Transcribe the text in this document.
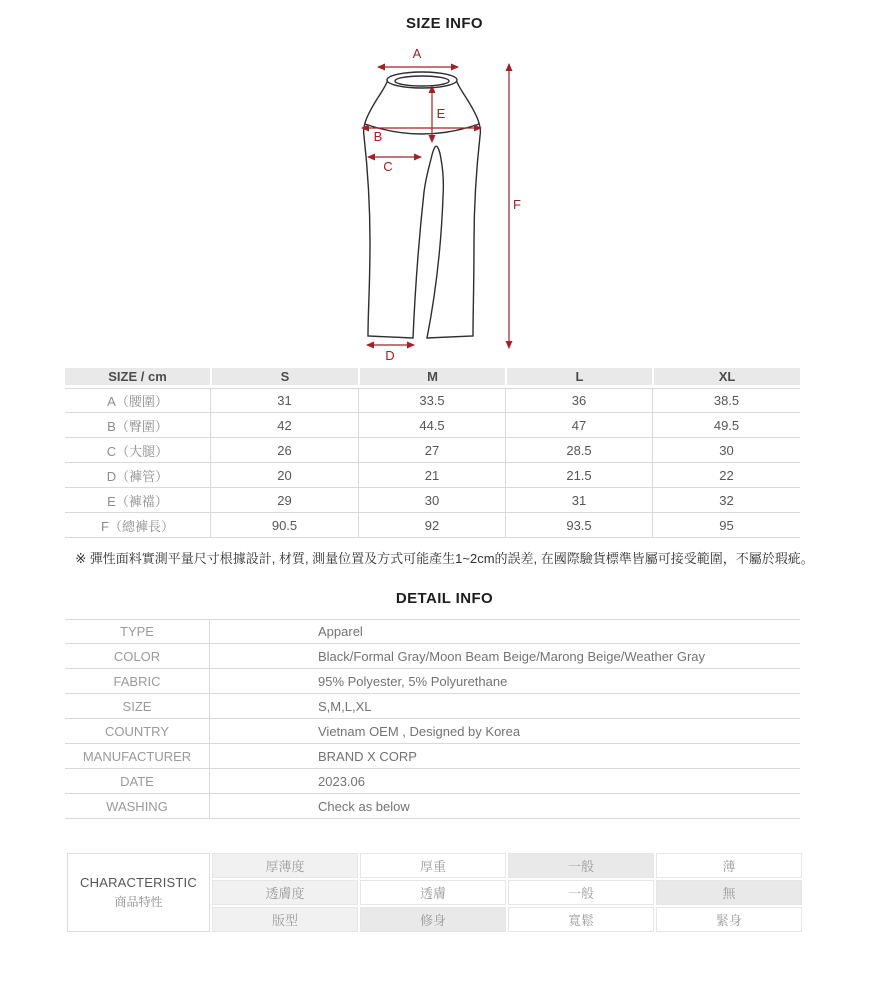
SIZE INFO
A
B
C
D
E
F
SIZE / cm	S	M	L	XL
A（腰圍）	31	33.5	36	38.5
B（臀圍）	42	44.5	47	49.5
C（大腿）	26	27	28.5	30
D（褲管）	20	21	21.5	22
E（褲襠）	29	30	31	32
F（總褲長）	90.5	92	93.5	95
※ 彈性面料實測平量尺寸根據設計, 材質, 測量位置及方式可能產生1~2cm的誤差, 在國際驗貨標準皆屬可接受範圍，不屬於瑕疵。
DETAIL INFO
TYPE	Apparel
COLOR	Black/Formal Gray/Moon Beam Beige/Marong Beige/Weather Gray
FABRIC	95% Polyester, 5% Polyurethane
SIZE	S,M,L,XL
COUNTRY	Vietnam OEM , Designed by Korea
MANUFACTURER	BRAND X CORP
DATE	2023.06
WASHING	Check as below
CHARACTERISTIC
商品特性	厚薄度	厚重	一般	薄
	透膚度	透膚	一般	無
	版型	修身	寬鬆	緊身
